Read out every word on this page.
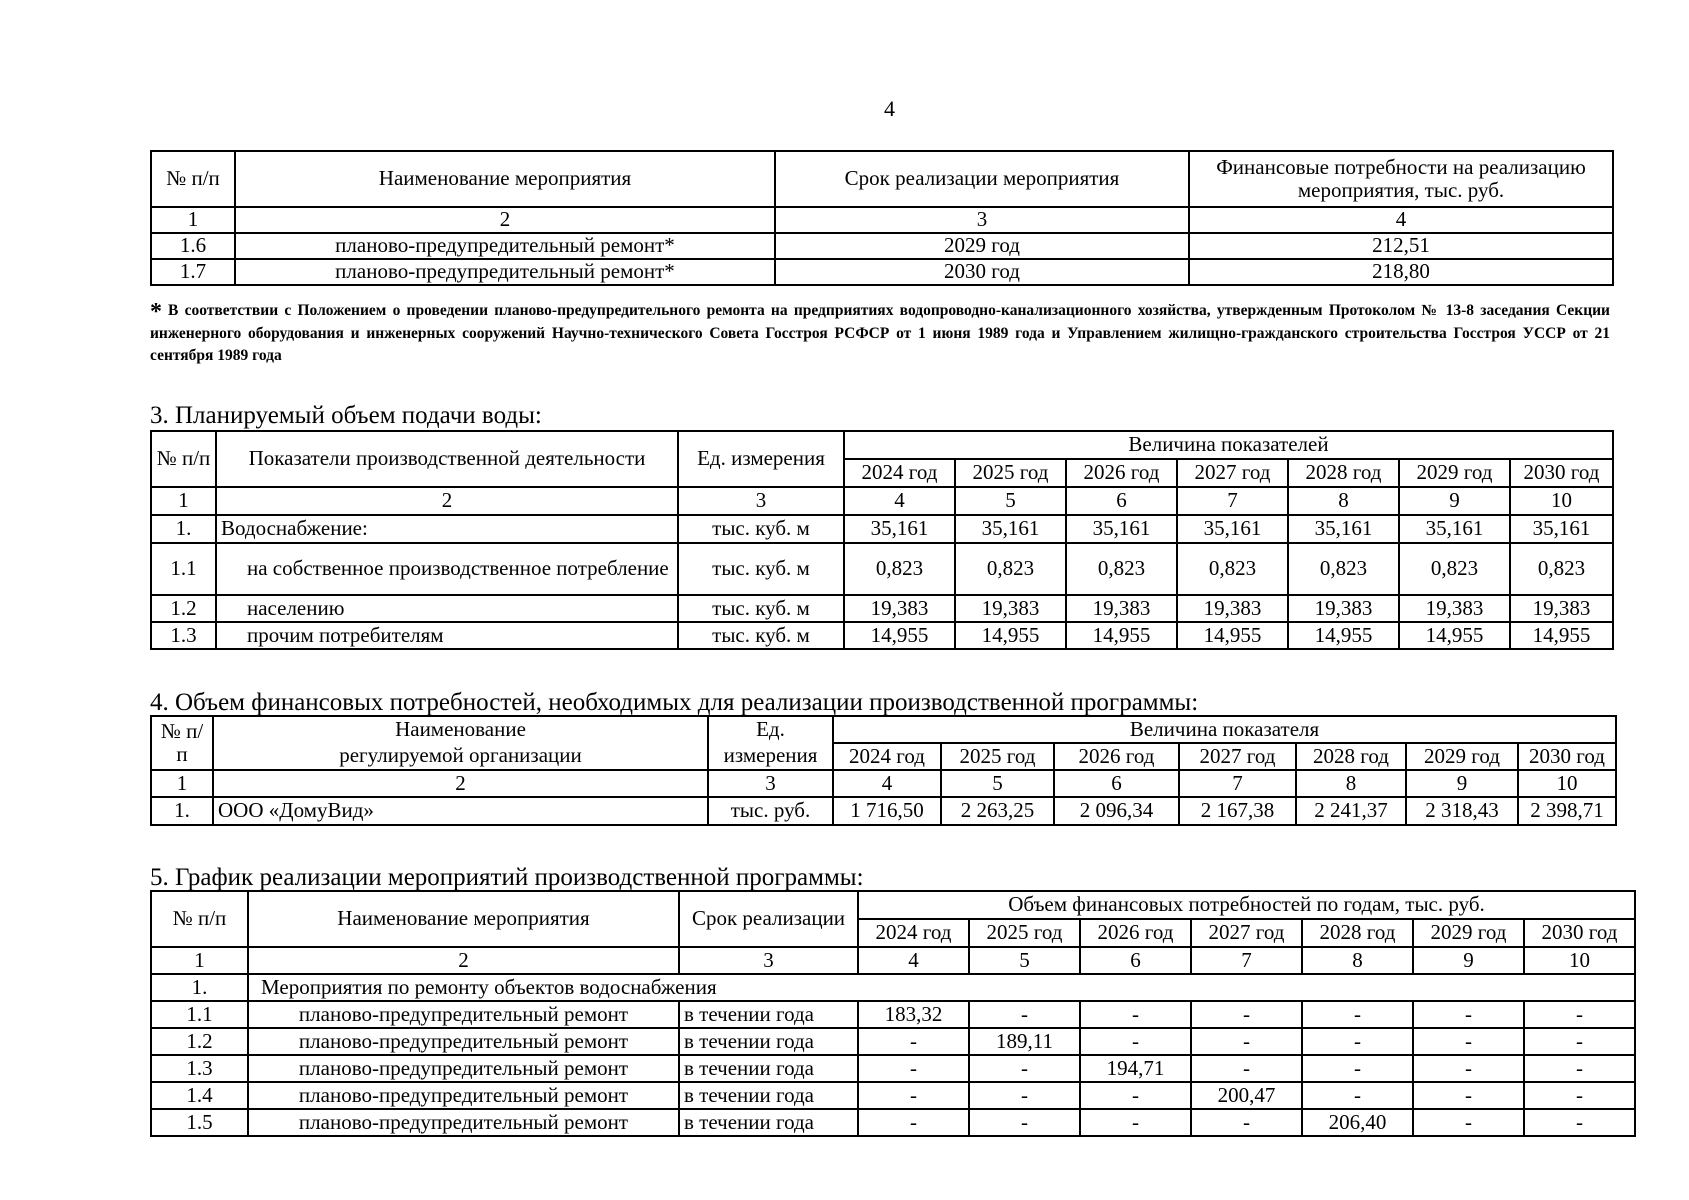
4
№ п/п	Наименование мероприятия	Срок реализации мероприятия	Финансовые потребности на реализацию мероприятия, тыс. руб.
1	2	3	4
1.6	планово-предупредительный ремонт*	2029 год	212,51
1.7	планово-предупредительный ремонт*	2030 год	218,80
* В соответствии с Положением о проведении планово-предупредительного ремонта на предприятиях водопроводно-канализационного хозяйства, утвержденным Протоколом № 13-8 заседания Секции инженерного оборудования и инженерных сооружений Научно-технического Совета Госстроя РСФСР от 1 июня 1989 года и Управлением жилищно-гражданского строительства Госстроя УССР от 21 сентября 1989 года
3. Планируемый объем подачи воды:
№ п/п	Показатели производственной деятельности	Ед. измерения	Величина показателей						
			2024 год	2025 год	2026 год	2027 год	2028 год	2029 год	2030 год
1	2	3	4	5	6	7	8	9	10
1.	Водоснабжение:	тыс. куб. м	35,161	35,161	35,161	35,161	35,161	35,161	35,161
1.1	на собственное производственное потребление	тыс. куб. м	0,823	0,823	0,823	0,823	0,823	0,823	0,823
1.2	населению	тыс. куб. м	19,383	19,383	19,383	19,383	19,383	19,383	19,383
1.3	прочим потребителям	тыс. куб. м	14,955	14,955	14,955	14,955	14,955	14,955	14,955
4. Объем финансовых потребностей, необходимых для реализации производственной программы:
№ п/п	Наименование	Ед.	Величина показателя						
	регулируемой организации	измерения	2024 год	2025 год	2026 год	2027 год	2028 год	2029 год	2030 год
1	2	3	4	5	6	7	8	9	10
1.	ООО «ДомуВид»	тыс. руб.	1 716,50	2 263,25	2 096,34	2 167,38	2 241,37	2 318,43	2 398,71
5. График реализации мероприятий производственной программы:
№ п/п	Наименование мероприятия	Срок реализации	Объем финансовых потребностей по годам, тыс. руб.						
			2024 год	2025 год	2026 год	2027 год	2028 год	2029 год	2030 год
1	2	3	4	5	6	7	8	9	10
1.	Мероприятия по ремонту объектов водоснабжения								
1.1	планово-предупредительный ремонт	в течении года	183,32	-	-	-	-	-	-
1.2	планово-предупредительный ремонт	в течении года	-	189,11	-	-	-	-	-
1.3	планово-предупредительный ремонт	в течении года	-	-	194,71	-	-	-	-
1.4	планово-предупредительный ремонт	в течении года	-	-	-	200,47	-	-	-
1.5	планово-предупредительный ремонт	в течении года	-	-	-	-	206,40	-	-
